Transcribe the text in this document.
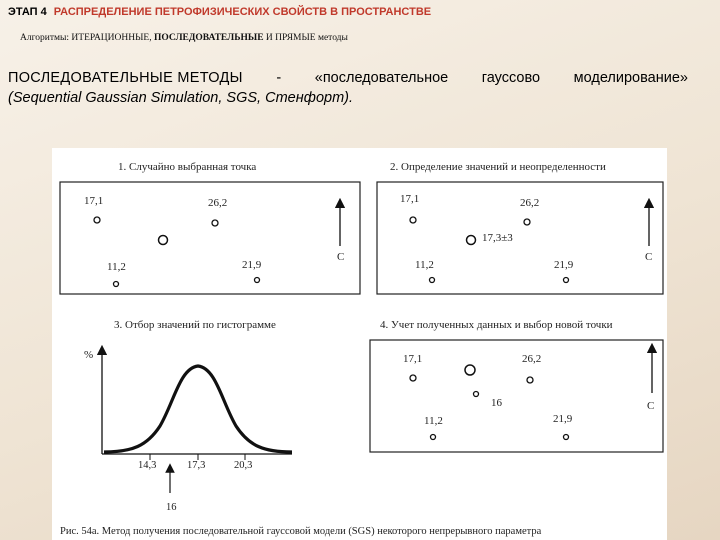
ЭТАП 4 РАСПРЕДЕЛЕНИЕ ПЕТРОФИЗИЧЕСКИХ СВОЙСТВ В ПРОСТРАНСТВЕ
Алгоритмы: ИТЕРАЦИОННЫЕ, ПОСЛЕДОВАТЕЛЬНЫЕ И ПРЯМЫЕ методы
ПОСЛЕДОВАТЕЛЬНЫЕ МЕТОДЫ - «последовательное гауссово моделирование»
(Sequential Gaussian Simulation, SGS, Стенфорт).
1. Случайно выбранная точка
17,1	26,2
11,2	21,9
C
2. Определение значений и неопределенности
17,1	26,2
17,3±3
11,2	21,9
C
3. Отбор значений по гистограмме
%
14,3	17,3	20,3
16
4. Учет полученных данных и выбор новой точки
17,1	26,2
16
11,2	21,9
C
Рис. 54а. Метод получения последовательной гауссовой модели (SGS) некоторого непрерывного параметра
